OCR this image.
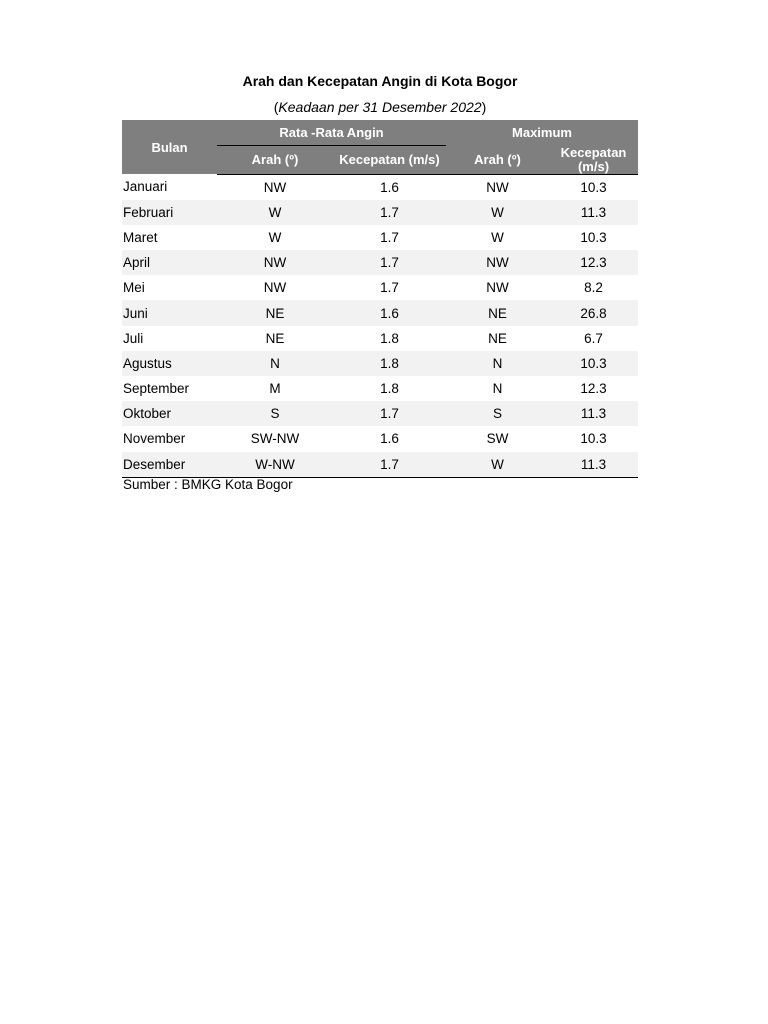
Arah dan Kecepatan Angin di Kota Bogor
(Keadaan per 31 Desember 2022)
Bulan	Rata -Rata Angin		Maximum	
	Arah (º)	Kecepatan (m/s)	Arah (º)	Kecepatan (m/s)
Januari	NW	1.6	NW	10.3
Februari	W	1.7	W	11.3
Maret	W	1.7	W	10.3
April	NW	1.7	NW	12.3
Mei	NW	1.7	NW	8.2
Juni	NE	1.6	NE	26.8
Juli	NE	1.8	NE	6.7
Agustus	N	1.8	N	10.3
September	M	1.8	N	12.3
Oktober	S	1.7	S	11.3
November	SW-NW	1.6	SW	10.3
Desember	W-NW	1.7	W	11.3
Sumber : BMKG Kota Bogor
